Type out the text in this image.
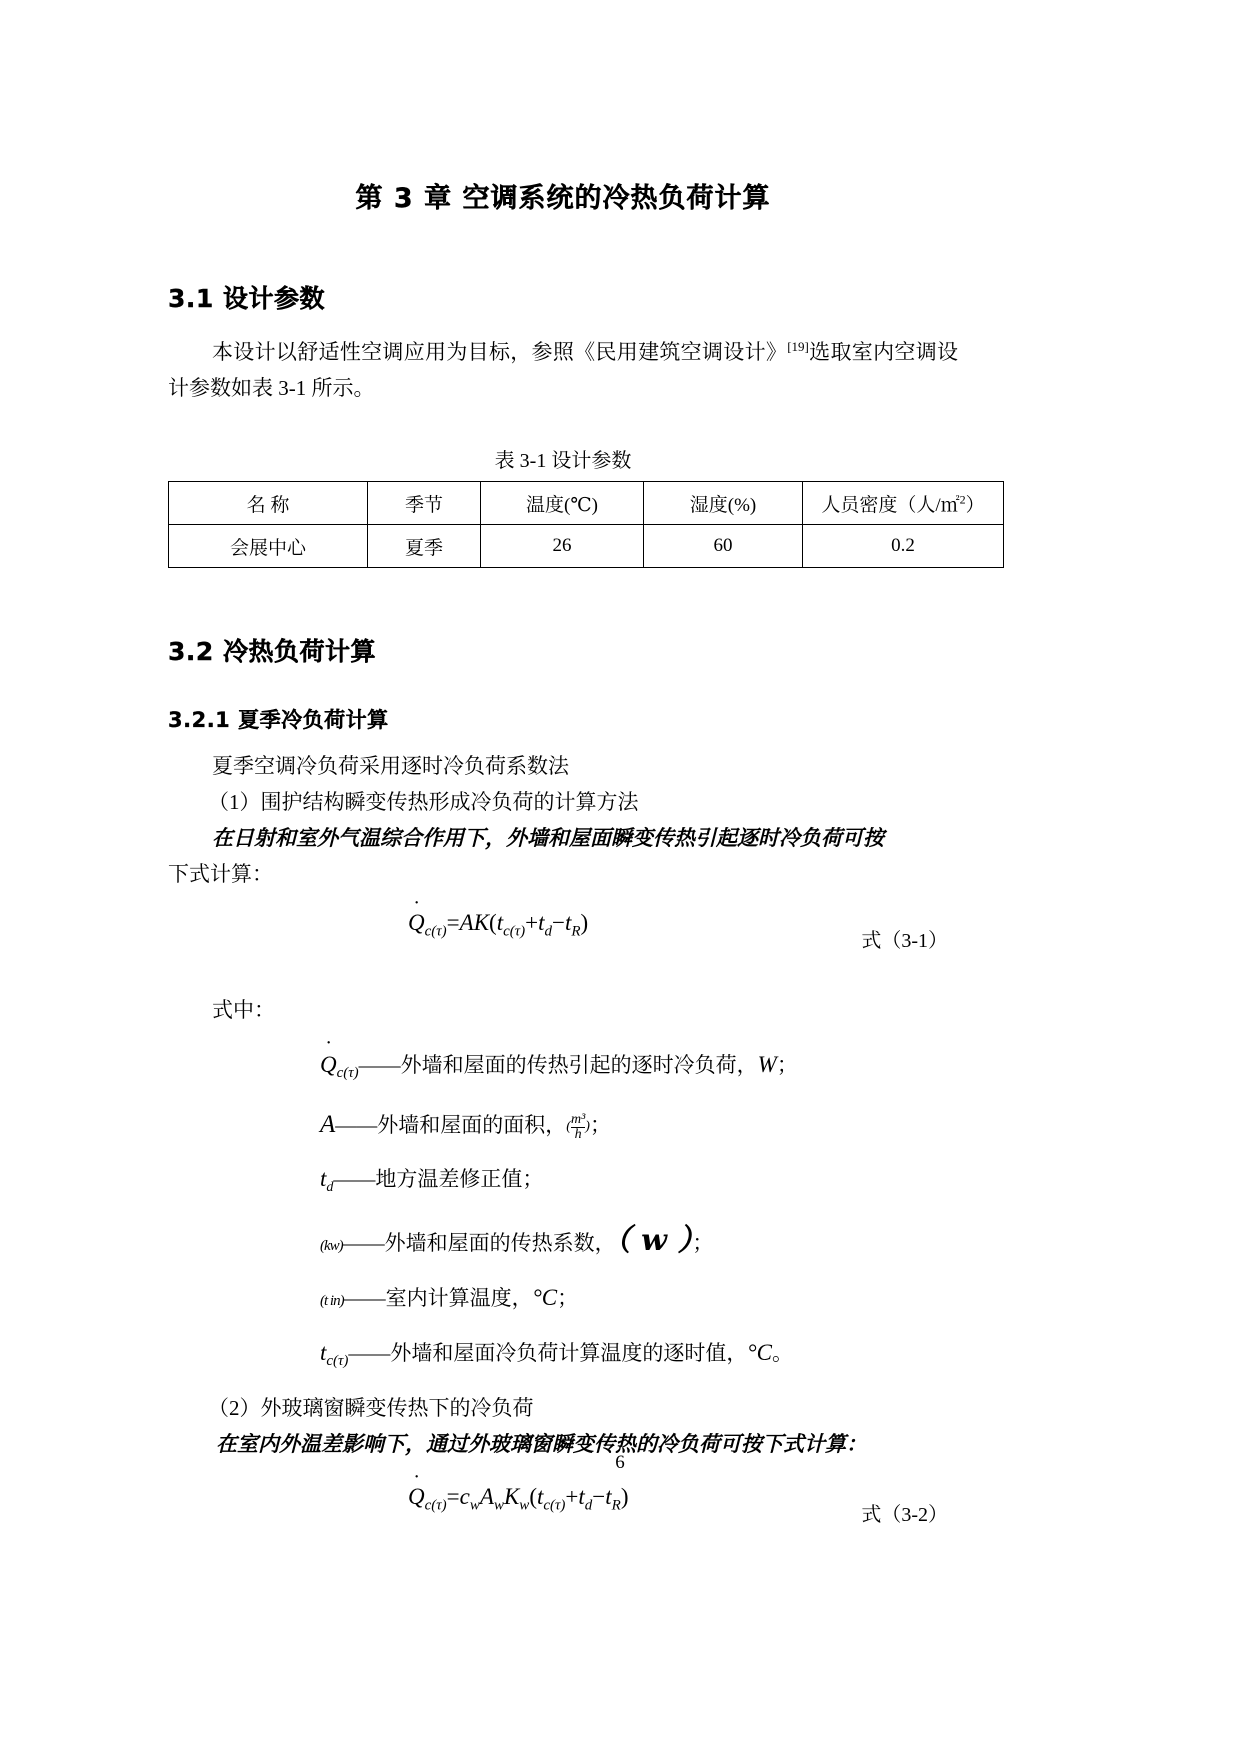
第 3 章 空调系统的冷热负荷计算
3.1 设计参数
本设计以舒适性空调应用为目标，参照《民用建筑空调设计》[19]选取室内空调设计参数如表 3-1 所示。
表 3-1 设计参数
名 称	季节	温度(℃)	湿度(%)	人员密度（人/㎡$^2$）
会展中心	夏季	26	60	0.2
3.2 冷热负荷计算
3.2.1 夏季冷负荷计算
夏季空调冷负荷采用逐时冷负荷系数法
（1）围护结构瞬变传热形成冷负荷的计算方法
在日射和室外气温综合作用下，外墙和屋面瞬变传热引起逐时冷负荷可按
下式计算：
· $Q_{c(\tau)}=AK(t_{c(\tau)}+t_d-t_R)$
式（3-1）
式中：
· $Q_{c(\tau)}——$外墙和屋面的传热引起的逐时冷负荷，W；
A——外墙和屋面的面积，( $\frac{\text{m³}}{h}$ )；
$t_d——$地方温差修正值；
(kw)——外墙和屋面的传热系数，（ w ）；
(t in)——室内计算温度，°C；
$t_{c(\tau)}——$外墙和屋面冷负荷计算温度的逐时值，°C。
（2）外玻璃窗瞬变传热下的冷负荷
在室内外温差影响下，通过外玻璃窗瞬变传热的冷负荷可按下式计算：
· $Q_{c(\tau)}=c_wA_wK_w(t_{c(\tau)}+t_d-t_R)$
式（3-2）
6
